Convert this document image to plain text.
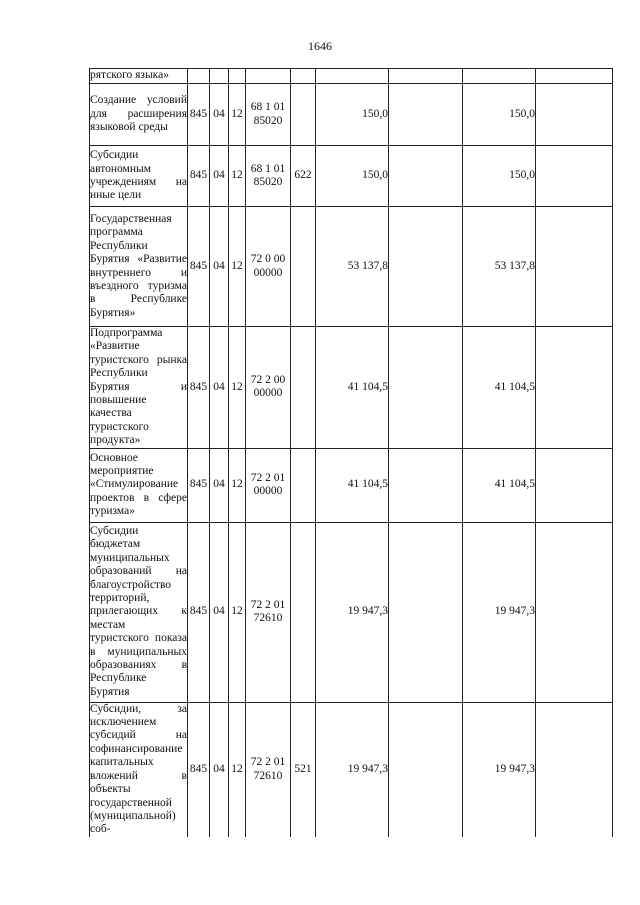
1646
рятского языка»									
Создание условий для расширения языковой среды	845	04	12	68 1 01 85020		150,0		150,0	
Субсидии автономным учреждениям на иные цели	845	04	12	68 1 01 85020	622	150,0		150,0	
Государственная программа Республики Бурятия «Развитие внутреннего и въездного туризма в Республике Бурятия»	845	04	12	72 0 00 00000		53 137,8		53 137,8	
Подпрограмма «Развитие туристского рынка Республики Бурятия и повышение качества туристского продукта»	845	04	12	72 2 00 00000		41 104,5		41 104,5	
Основное мероприятие «Стимулирование проектов в сфере туризма»	845	04	12	72 2 01 00000		41 104,5		41 104,5	
Субсидии бюджетам муниципальных образований на благоустройство территорий, прилегающих к местам туристского показа в муниципальных образованиях в Республике Бурятия	845	04	12	72 2 01 72610		19 947,3		19 947,3	
Субсидии, за исключением субсидий на софинансирование капитальных вложений в объекты государственной (муниципальной) соб-	845	04	12	72 2 01 72610	521	19 947,3		19 947,3	
